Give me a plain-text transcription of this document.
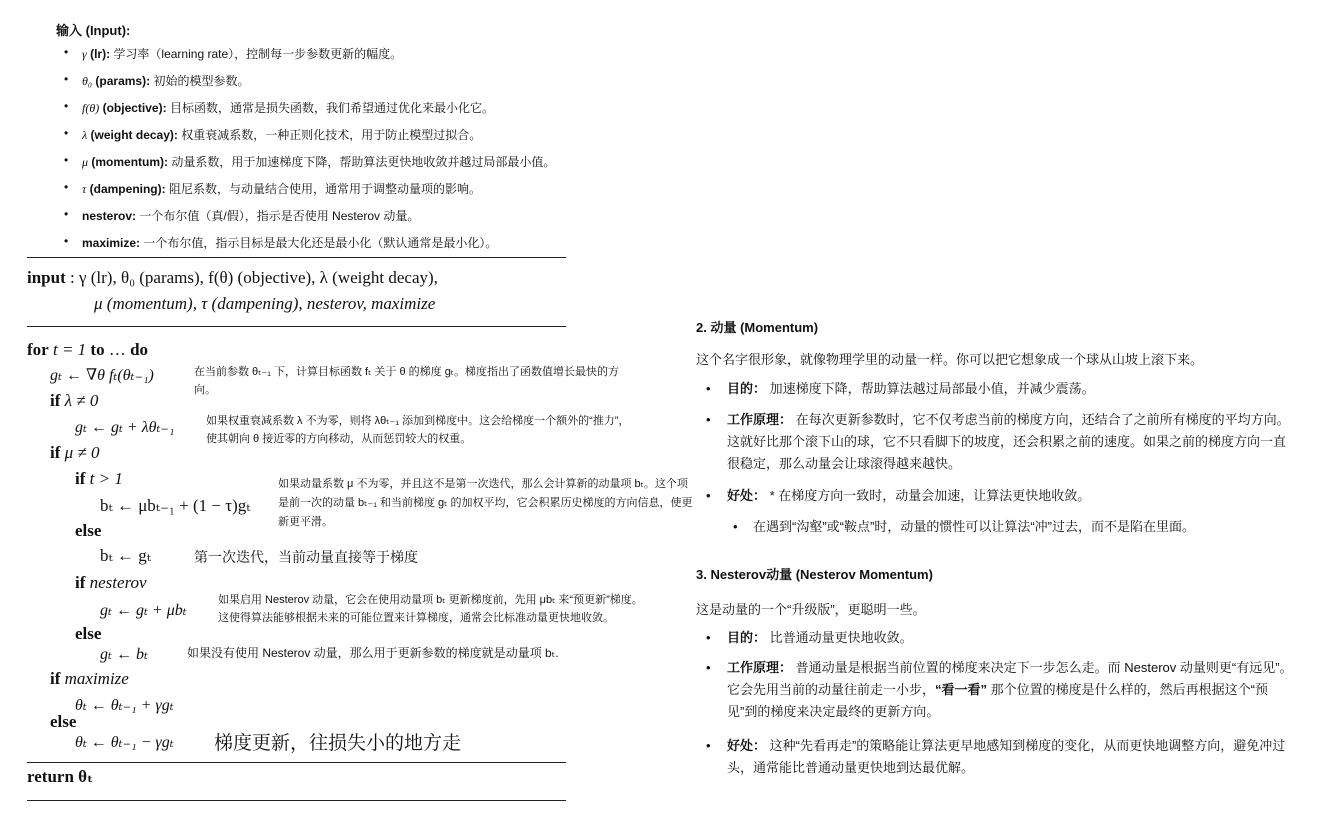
输入 (Input):
• γ (lr): 学习率（learning rate），控制每一步参数更新的幅度。
• θ₀ (params): 初始的模型参数。
• f(θ) (objective): 目标函数，通常是损失函数，我们希望通过优化来最小化它。
• λ (weight decay): 权重衰减系数，一种正则化技术，用于防止模型过拟合。
• μ (momentum): 动量系数，用于加速梯度下降，帮助算法更快地收敛并越过局部最小值。
• τ (dampening): 阻尼系数，与动量结合使用，通常用于调整动量项的影响。
• nesterov: 一个布尔值（真/假），指示是否使用 Nesterov 动量。
• maximize: 一个布尔值，指示目标是最大化还是最小化（默认通常是最小化）。
input : γ (lr), θ₀ (params), f(θ) (objective), λ (weight decay),
μ (momentum), τ (dampening), nesterov, maximize
for t = 1 to … do
gₜ ← ∇θ fₜ(θₜ₋₁)	在当前参数 θₜ₋₁ 下，计算目标函数 fₜ 关于 θ 的梯度 gₜ。梯度指出了函数值增长最快的方
向。
if λ ≠ 0
gₜ ← gₜ + λθₜ₋₁	如果权重衰减系数 λ 不为零，则将 λθₜ₋₁ 添加到梯度中。这会给梯度一个额外的“推力”，
使其朝向 θ 接近零的方向移动，从而惩罚较大的权重。
if μ ≠ 0
if t > 1
bₜ ← μbₜ₋₁ + (1 − τ)gₜ
如果动量系数 μ 不为零，并且这不是第一次迭代，那么会计算新的动量项 bₜ。这个项
是前一次的动量 bₜ₋₁ 和当前梯度 gₜ 的加权平均，它会积累历史梯度的方向信息，使更
新更平滑。
else
bₜ ← gₜ	第一次迭代，当前动量直接等于梯度
if nesterov
gₜ ← gₜ + μbₜ
如果启用 Nesterov 动量，它会在使用动量项 bₜ 更新梯度前，先用 μbₜ 来“预更新”梯度。
这使得算法能够根据未来的可能位置来计算梯度，通常会比标准动量更快地收敛。
else
gₜ ← bₜ	如果没有使用 Nesterov 动量，那么用于更新参数的梯度就是动量项 bₜ.
if maximize
θₜ ← θₜ₋₁ + γgₜ
else
θₜ ← θₜ₋₁ − γgₜ 梯度更新，往损失小的地方走
return θₜ
2. 动量 (Momentum)
这个名字很形象，就像物理学里的动量一样。你可以把它想象成一个球从山坡上滚下来。
• 目的： 加速梯度下降，帮助算法越过局部最小值，并减少震荡。
• 工作原理： 在每次更新参数时，它不仅考虑当前的梯度方向，还结合了之前所有梯度的平均方向。这就好比那个滚下山的球，它不只看脚下的坡度，还会积累之前的速度。如果之前的梯度方向一直很稳定，那么动量会让球滚得越来越快。
• 好处： * 在梯度方向一致时，动量会加速，让算法更快地收敛。
• 在遇到“沟壑”或“鞍点”时，动量的惯性可以让算法“冲”过去，而不是陷在里面。
3. Nesterov动量 (Nesterov Momentum)
这是动量的一个“升级版”，更聪明一些。
• 目的： 比普通动量更快地收敛。
• 工作原理： 普通动量是根据当前位置的梯度来决定下一步怎么走。而 Nesterov 动量则更“有远见”。它会先用当前的动量往前走一小步，“看一看” 那个位置的梯度是什么样的，然后再根据这个“预见”到的梯度来决定最终的更新方向。
• 好处： 这种“先看再走”的策略能让算法更早地感知到梯度的变化，从而更快地调整方向，避免冲过头，通常能比普通动量更快地到达最优解。
